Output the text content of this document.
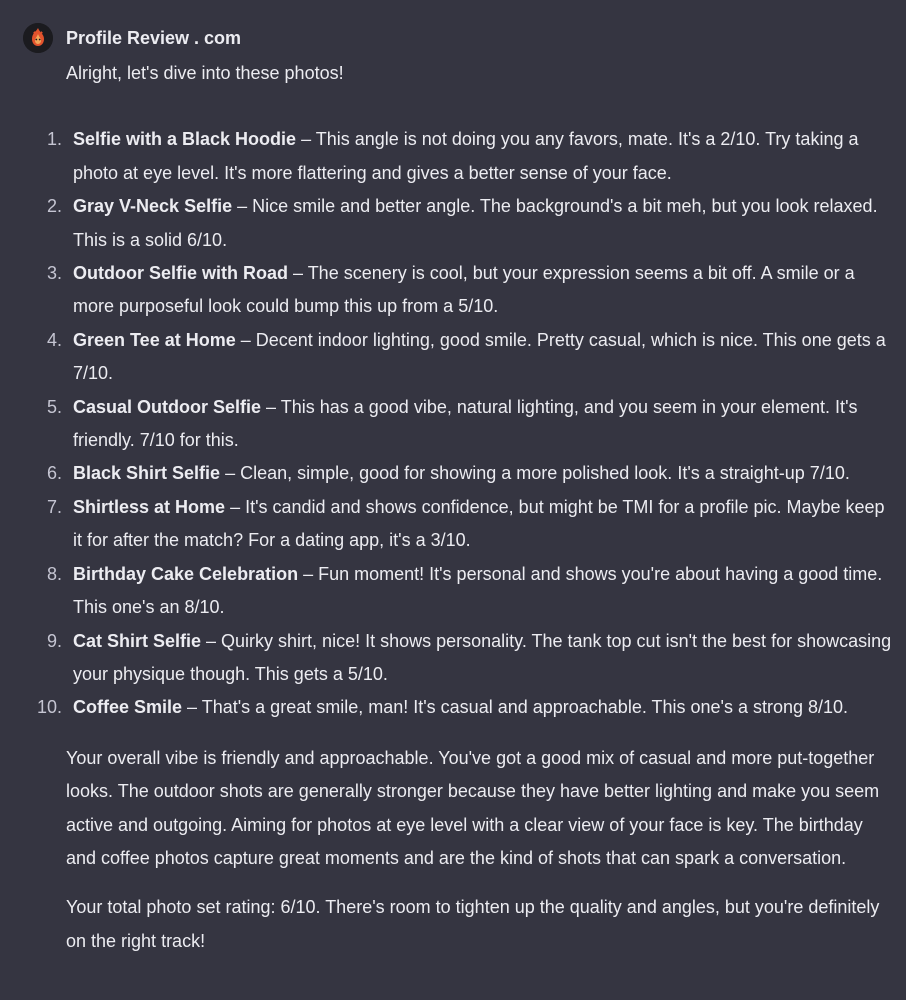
Profile Review . com

Alright, let's dive into these photos!

1. Selfie with a Black Hoodie – This angle is not doing you any favors, mate. It's a 2/10. Try taking a photo at eye level. It's more flattering and gives a better sense of your face.
2. Gray V-Neck Selfie – Nice smile and better angle. The background's a bit meh, but you look relaxed. This is a solid 6/10.
3. Outdoor Selfie with Road – The scenery is cool, but your expression seems a bit off. A smile or a more purposeful look could bump this up from a 5/10.
4. Green Tee at Home – Decent indoor lighting, good smile. Pretty casual, which is nice. This one gets a 7/10.
5. Casual Outdoor Selfie – This has a good vibe, natural lighting, and you seem in your element. It's friendly. 7/10 for this.
6. Black Shirt Selfie – Clean, simple, good for showing a more polished look. It's a straight-up 7/10.
7. Shirtless at Home – It's candid and shows confidence, but might be TMI for a profile pic. Maybe keep it for after the match? For a dating app, it's a 3/10.
8. Birthday Cake Celebration – Fun moment! It's personal and shows you're about having a good time. This one's an 8/10.
9. Cat Shirt Selfie – Quirky shirt, nice! It shows personality. The tank top cut isn't the best for showcasing your physique though. This gets a 5/10.
10. Coffee Smile – That's a great smile, man! It's casual and approachable. This one's a strong 8/10.

Your overall vibe is friendly and approachable. You've got a good mix of casual and more put-together looks. The outdoor shots are generally stronger because they have better lighting and make you seem active and outgoing. Aiming for photos at eye level with a clear view of your face is key. The birthday and coffee photos capture great moments and are the kind of shots that can spark a conversation.

Your total photo set rating: 6/10. There's room to tighten up the quality and angles, but you're definitely on the right track!
